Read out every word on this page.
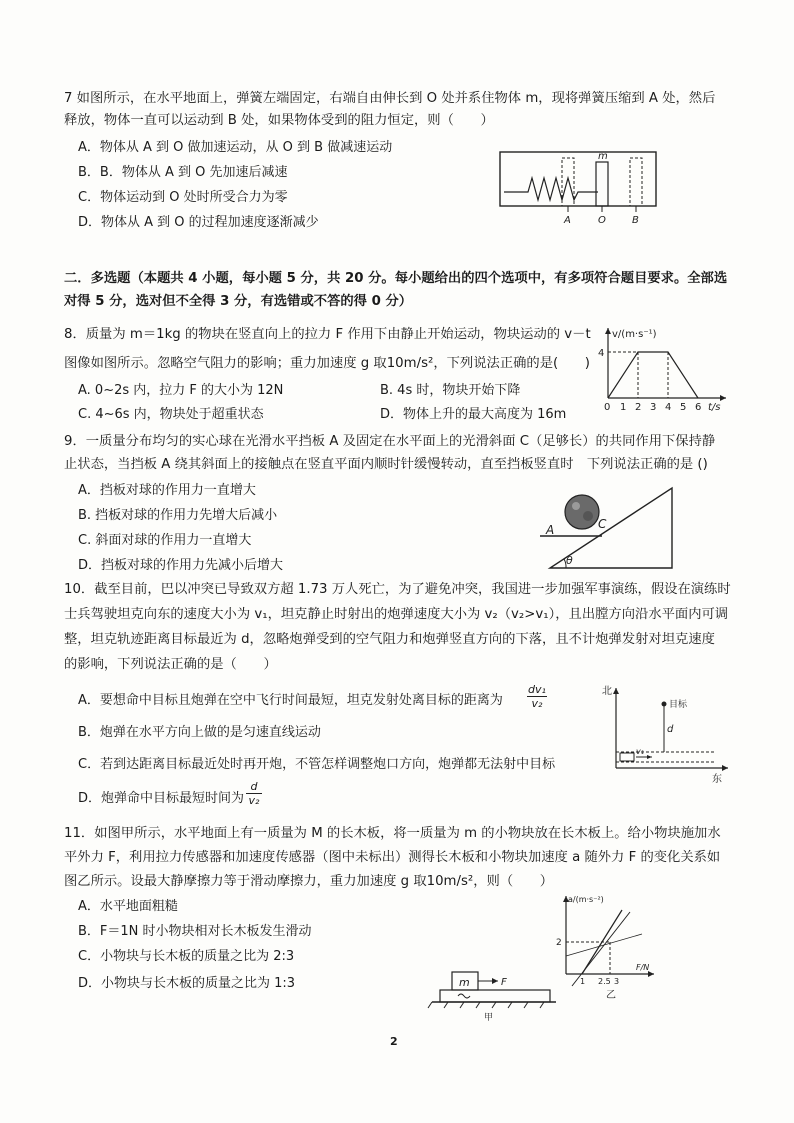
7 如图所示，在水平地面上，弹簧左端固定，右端自由伸长到 O 处并系住物体 m，现将弹簧压缩到 A 处，然后
释放，物体一直可以运动到 B 处，如果物体受到的阻力恒定，则（　　）
A．物体从 A 到 O 做加速运动，从 O 到 B 做减速运动
B．B．物体从 A 到 O 先加速后减速
C．物体运动到 O 处时所受合力为零
D．物体从 A 到 O 的过程加速度逐渐减少
m
A	O	B
二．多选题（本题共 4 小题，每小题 5 分，共 20 分。每小题给出的四个选项中，有多项符合题目要求。全部选
对得 5 分，选对但不全得 3 分，有选错或不答的得 0 分）
8．质量为 m＝1kg 的物块在竖直向上的拉力 F 作用下由静止开始运动，物块运动的 v－t
图像如图所示。忽略空气阻力的影响；重力加速度 g 取10m/s²，下列说法正确的是(　　)
A. 0~2s 内，拉力 F 的大小为 12N	B. 4s 时，物块开始下降
C. 4~6s 内，物块处于超重状态	D．物体上升的最大高度为 16m
v/(m·s⁻¹)
4
0 1 2 3 4 5 6 t/s
9．一质量分布均匀的实心球在光滑水平挡板 A 及固定在水平面上的光滑斜面 C（足够长）的共同作用下保持静
止状态，当挡板 A 绕其斜面上的接触点在竖直平面内顺时针缓慢转动，直至挡板竖直时　下列说法正确的是 ()
A．挡板对球的作用力一直增大
B. 挡板对球的作用力先增大后减小
C. 斜面对球的作用力一直增大
D．挡板对球的作用力先减小后增大
A	C
θ
10．截至目前，巴以冲突已导致双方超 1.73 万人死亡，为了避免冲突，我国进一步加强军事演练，假设在演练时
士兵驾驶坦克向东的速度大小为 v₁，坦克静止时射出的炮弹速度大小为 v₂（v₂>v₁），且出膛方向沿水平面内可调
整，坦克轨迹距离目标最近为 d，忽略炮弹受到的空气阻力和炮弹竖直方向的下落，且不计炮弹发射对坦克速度
的影响，下列说法正确的是（　　）
A．要想命中目标且炮弹在空中飞行时间最短，坦克发射处离目标的距离为 $\frac{\text{dv₁}}{\text{v₂}}$
B．炮弹在水平方向上做的是匀速直线运动
C．若到达距离目标最近处时再开炮，不管怎样调整炮口方向，炮弹都无法射中目标
D．炮弹命中目标最短时间为 $\frac{d}{\text{v₂}}$
北
东
目标
d
v₁
11．如图甲所示，水平地面上有一质量为 M 的长木板，将一质量为 m 的小物块放在长木板上。给小物块施加水
平外力 F，利用拉力传感器和加速度传感器（图中未标出）测得长木板和小物块加速度 a 随外力 F 的变化关系如
图乙所示。设最大静摩擦力等于滑动摩擦力，重力加速度 g 取10m/s²，则（　　）
A．水平地面粗糙
B．F＝1N 时小物块相对长木板发生滑动
C．小物块与长木板的质量之比为 2:3
D．小物块与长木板的质量之比为 1:3	m	F
甲
a/(m·s⁻²)
2
1 2.5 3
F/N
乙
2
